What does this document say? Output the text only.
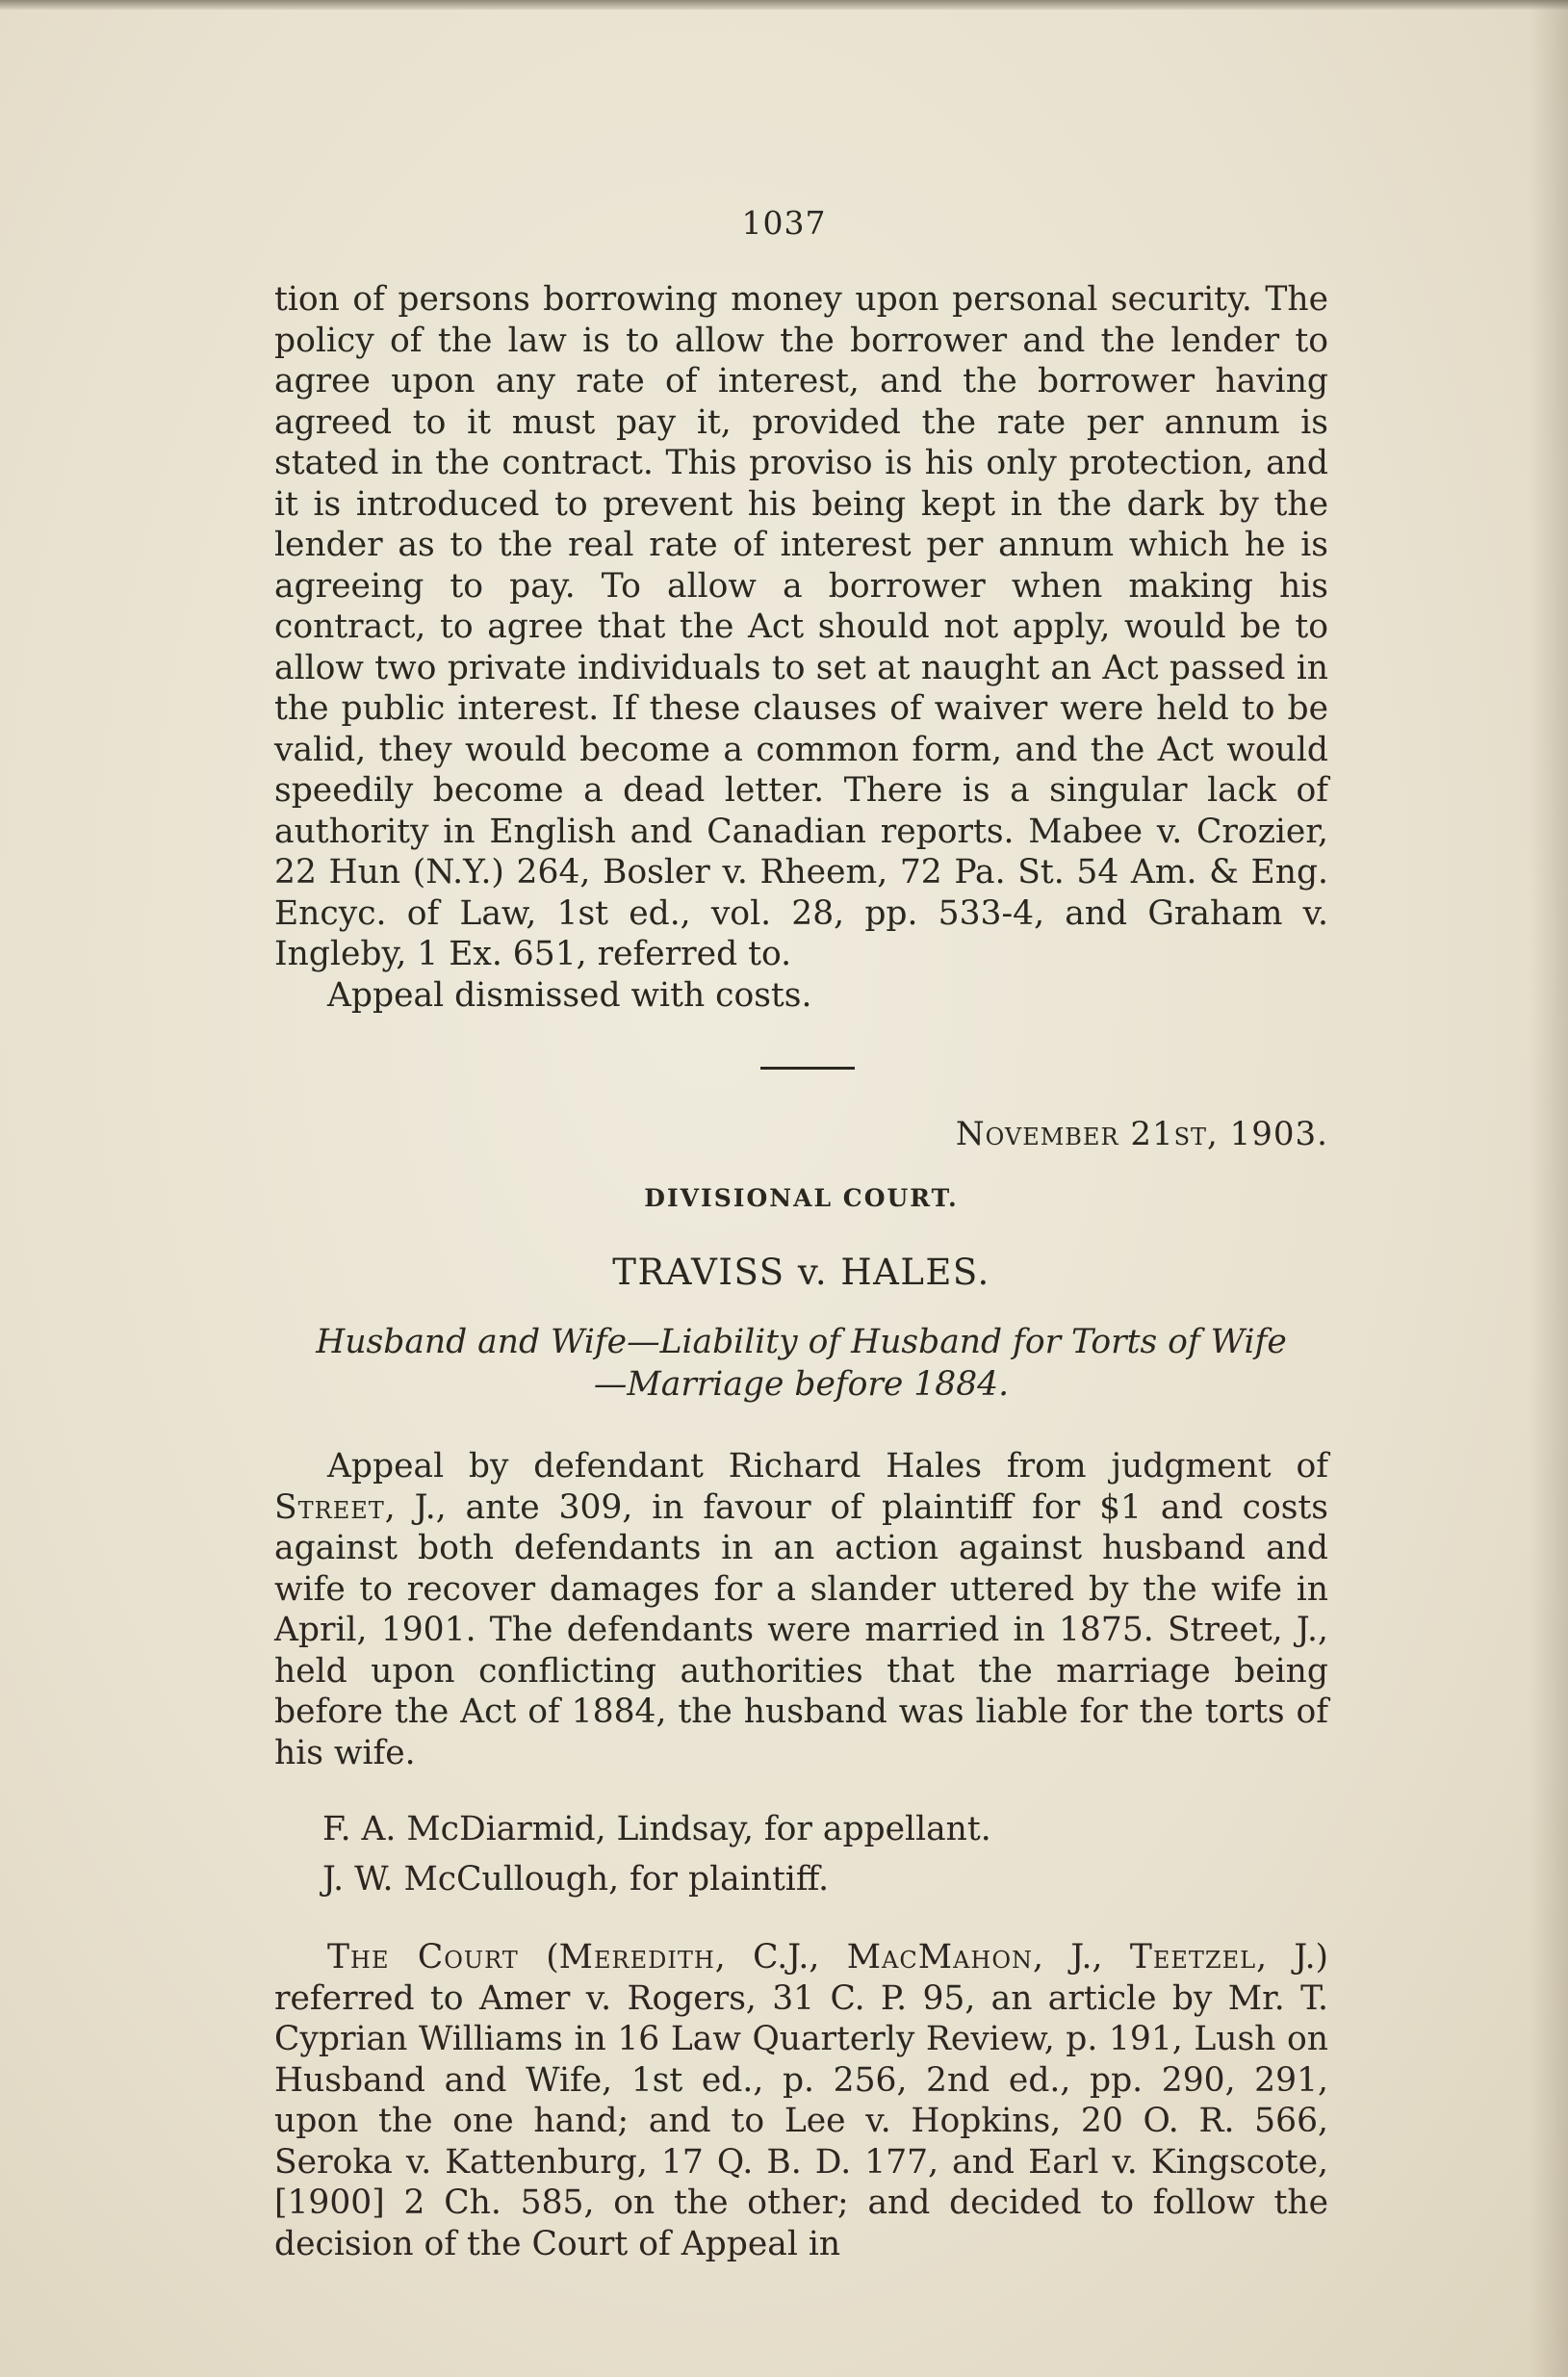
1037

tion of persons borrowing money upon personal security. The policy of the law is to allow the borrower and the lender to agree upon any rate of interest, and the borrower having agreed to it must pay it, provided the rate per annum is stated in the contract. This proviso is his only protection, and it is introduced to prevent his being kept in the dark by the lender as to the real rate of interest per annum which he is agreeing to pay. To allow a borrower when making his contract, to agree that the Act should not apply, would be to allow two private individuals to set at naught an Act passed in the public interest. If these clauses of waiver were held to be valid, they would become a common form, and the Act would speedily become a dead letter. There is a singular lack of authority in English and Canadian reports. Mabee v. Crozier, 22 Hun (N.Y.) 264, Bosler v. Rheem, 72 Pa. St. 54 Am. & Eng. Encyc. of Law, 1st ed., vol. 28, pp. 533-4, and Graham v. Ingleby, 1 Ex. 651, referred to.

Appeal dismissed with costs.

November 21st, 1903.
DIVISIONAL COURT.
TRAVISS v. HALES.
Husband and Wife—Liability of Husband for Torts of Wife
—Marriage before 1884.

Appeal by defendant Richard Hales from judgment of Street, J., ante 309, in favour of plaintiff for $1 and costs against both defendants in an action against husband and wife to recover damages for a slander uttered by the wife in April, 1901. The defendants were married in 1875. Street, J., held upon conflicting authorities that the marriage being before the Act of 1884, the husband was liable for the torts of his wife.

F. A. McDiarmid, Lindsay, for appellant.

J. W. McCullough, for plaintiff.

The Court (Meredith, C.J., MacMahon, J., Teetzel, J.) referred to Amer v. Rogers, 31 C. P. 95, an article by Mr. T. Cyprian Williams in 16 Law Quarterly Review, p. 191, Lush on Husband and Wife, 1st ed., p. 256, 2nd ed., pp. 290, 291, upon the one hand; and to Lee v. Hopkins, 20 O. R. 566, Seroka v. Kattenburg, 17 Q. B. D. 177, and Earl v. Kingscote, [1900] 2 Ch. 585, on the other; and decided to follow the decision of the Court of Appeal in
